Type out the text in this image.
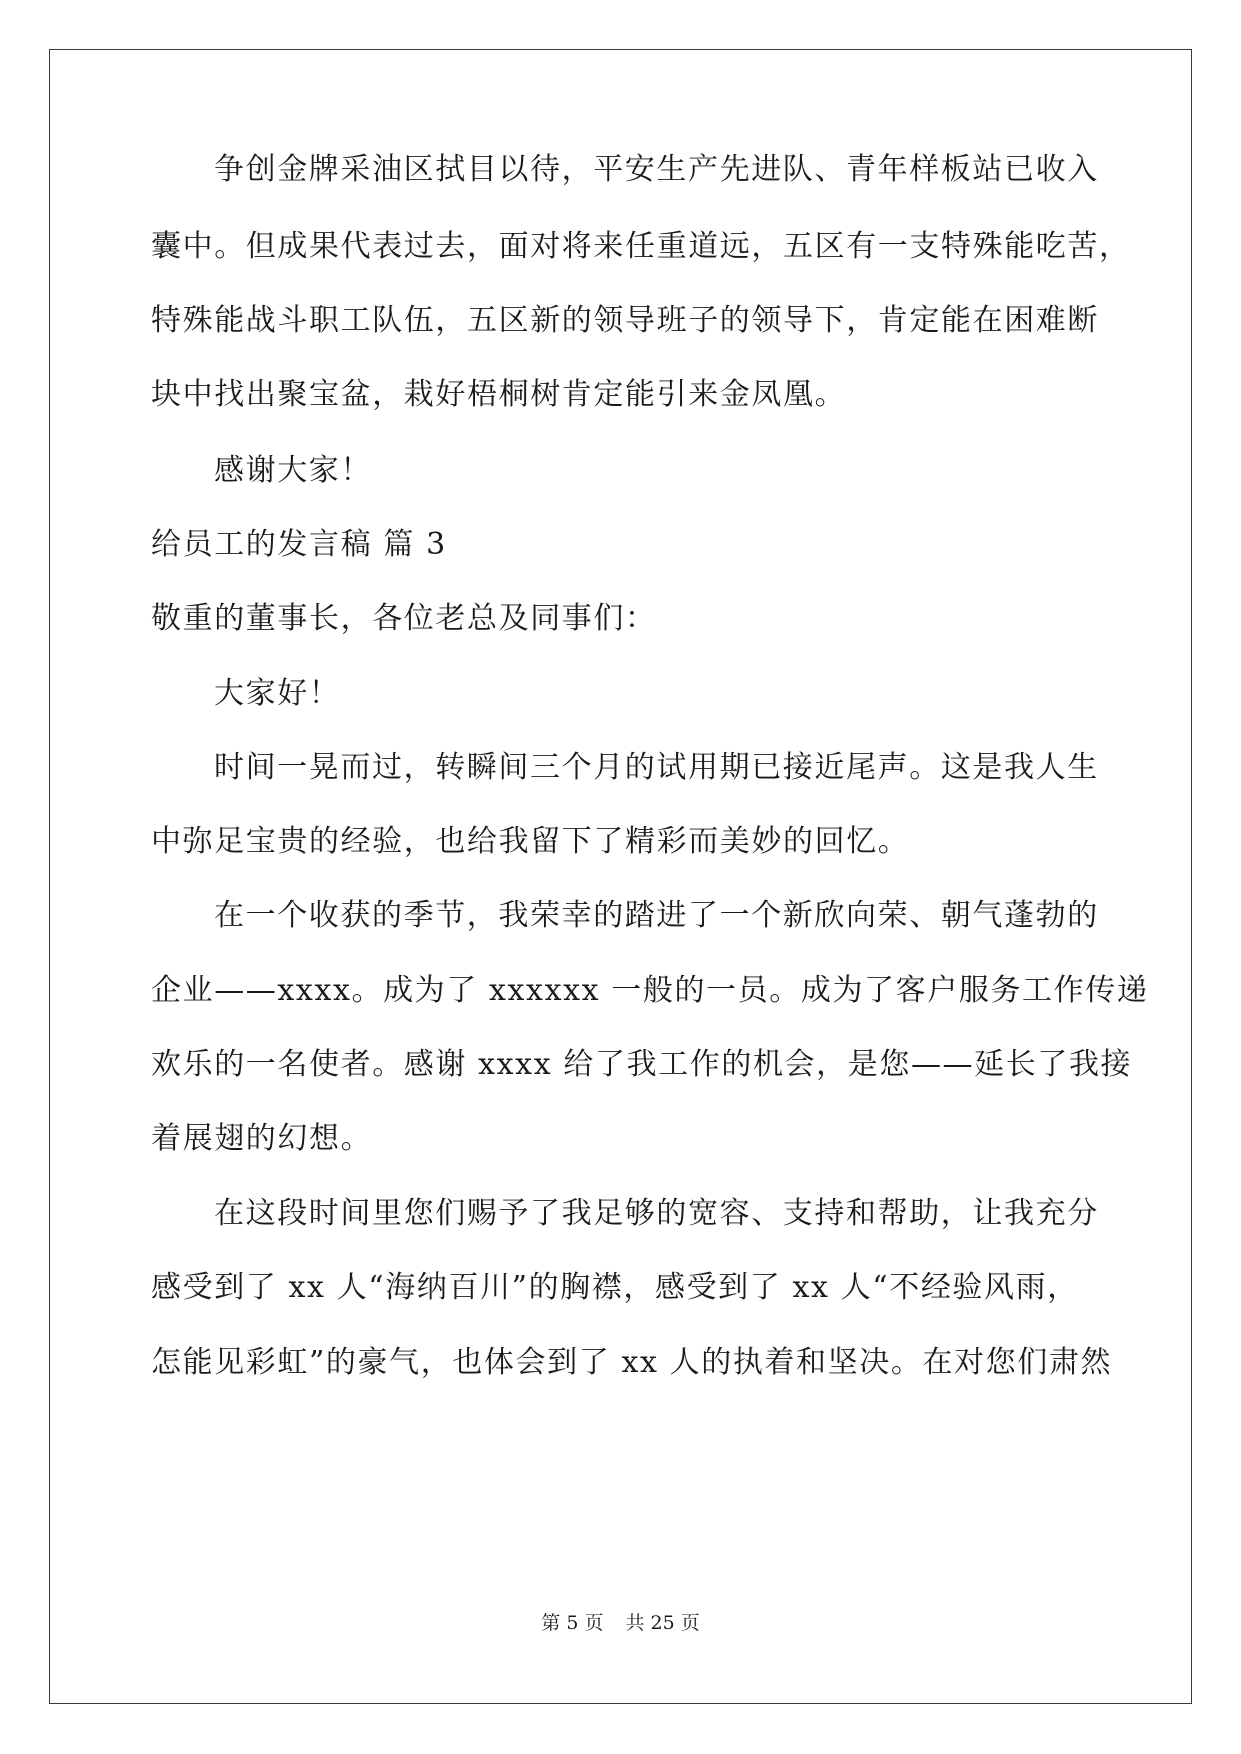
争创金牌采油区拭目以待，平安生产先进队、青年样板站已收入
囊中。但成果代表过去，面对将来任重道远，五区有一支特殊能吃苦，
特殊能战斗职工队伍，五区新的领导班子的领导下，肯定能在困难断
块中找出聚宝盆，栽好梧桐树肯定能引来金凤凰。
感谢大家！
给员工的发言稿 篇 3
敬重的董事长，各位老总及同事们：
大家好！
时间一晃而过，转瞬间三个月的试用期已接近尾声。这是我人生
中弥足宝贵的经验，也给我留下了精彩而美妙的回忆。
在一个收获的季节，我荣幸的踏进了一个新欣向荣、朝气蓬勃的
企业——xxxx。成为了 xxxxxx 一般的一员。成为了客户服务工作传递
欢乐的一名使者。感谢 xxxx 给了我工作的机会，是您——延长了我接
着展翅的幻想。
在这段时间里您们赐予了我足够的宽容、支持和帮助，让我充分
感受到了 xx 人“海纳百川”的胸襟，感受到了 xx 人“不经验风雨，
怎能见彩虹”的豪气，也体会到了 xx 人的执着和坚决。在对您们肃然
第 5 页 共 25 页
